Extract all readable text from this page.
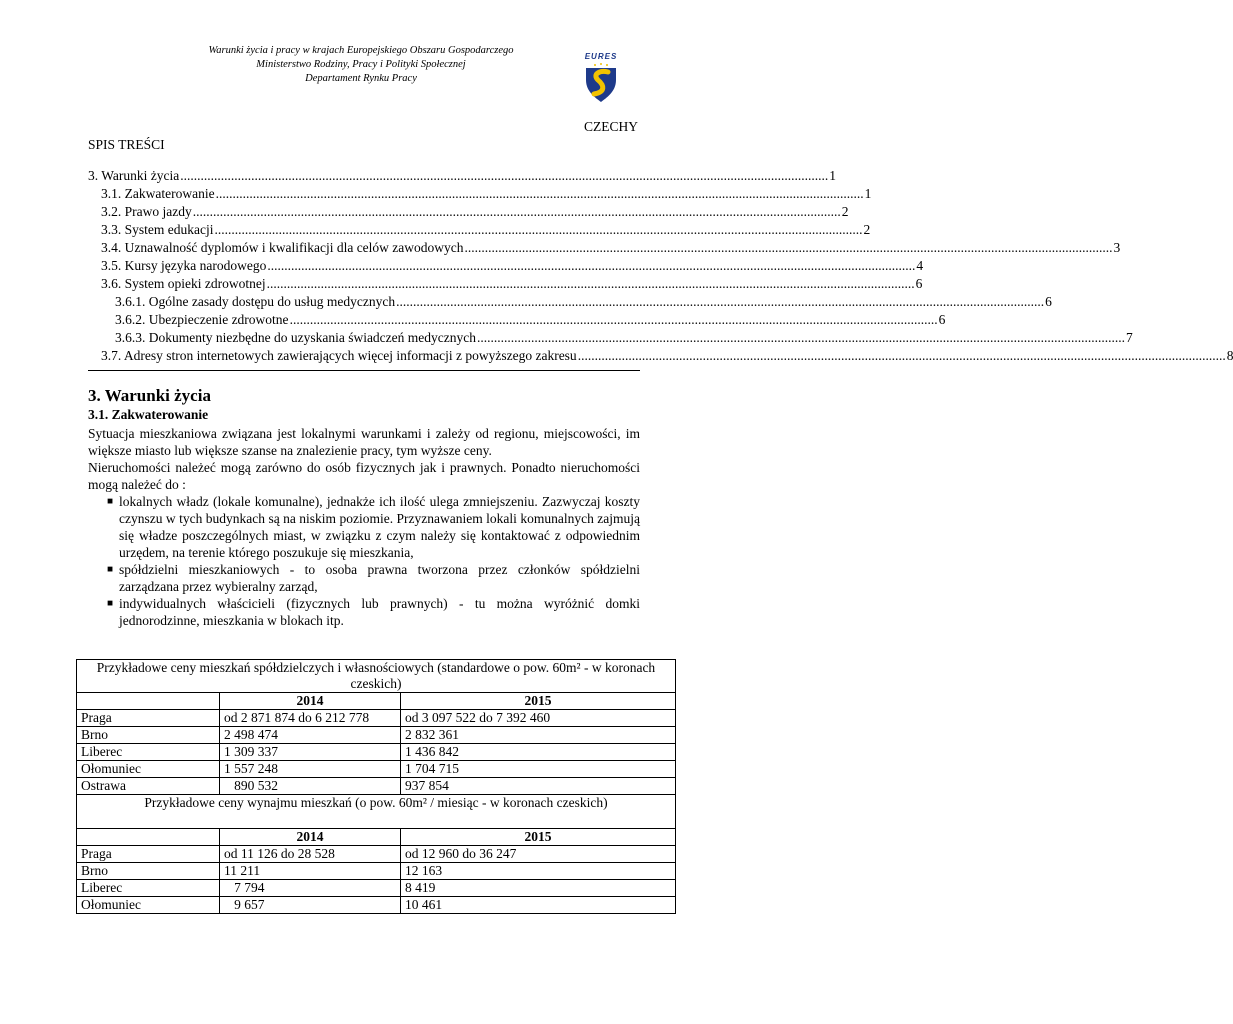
Warunki życia i pracy w krajach Europejskiego Obszaru Gospodarczego
Ministerstwo Rodziny, Pracy i Polityki Społecznej
Departament Rynku Pracy
EURES
CZECHY
SPIS TREŚCI
3. Warunki życia ................................................................................................................................................................................................ 1
3.1. Zakwaterowanie ................................................................................................................................................................................................ 1
3.2. Prawo jazdy ................................................................................................................................................................................................ 2
3.3. System edukacji ................................................................................................................................................................................................ 2
3.4. Uznawalność dyplomów i kwalifikacji dla celów zawodowych ................................................................................................................................................................................................ 3
3.5. Kursy języka narodowego ................................................................................................................................................................................................ 4
3.6. System opieki zdrowotnej ................................................................................................................................................................................................ 6
3.6.1. Ogólne zasady dostępu do usług medycznych ................................................................................................................................................................................................ 6
3.6.2. Ubezpieczenie zdrowotne ................................................................................................................................................................................................ 6
3.6.3. Dokumenty niezbędne do uzyskania świadczeń medycznych ................................................................................................................................................................................................ 7
3.7. Adresy stron internetowych zawierających więcej informacji z powyższego zakresu ................................................................................................................................................................................................ 8
3. Warunki życia
3.1. Zakwaterowanie

Sytuacja mieszkaniowa związana jest lokalnymi warunkami i zależy od regionu, miejscowości, im większe miasto lub większe szanse na znalezienie pracy, tym wyższe ceny.

Nieruchomości należeć mogą zarówno do osób fizycznych jak i prawnych. Ponadto nieruchomości mogą należeć do :

■ lokalnych władz (lokale komunalne), jednakże ich ilość ulega zmniejszeniu. Zazwyczaj koszty czynszu w tych budynkach są na niskim poziomie. Przyznawaniem lokali komunalnych zajmują się władze poszczególnych miast, w związku z czym należy się kontaktować z odpowiednim urzędem, na terenie którego poszukuje się mieszkania,
■ spółdzielni mieszkaniowych - to osoba prawna tworzona przez członków spółdzielni zarządzana przez wybieralny zarząd,
■ indywidualnych właścicieli (fizycznych lub prawnych) - tu można wyróżnić domki jednorodzinne, mieszkania w blokach itp.
Przykładowe ceny mieszkań spółdzielczych i własnościowych (standardowe o pow. 60m² - w koronach czeskich)		
	2014	2015
Praga	od 2 871 874 do 6 212 778	od 3 097 522 do 7 392 460
Brno	2 498 474	2 832 361
Liberec	1 309 337	1 436 842
Ołomuniec	1 557 248	1 704 715
Ostrawa	890 532	937 854
Przykładowe ceny wynajmu mieszkań (o pow. 60m² / miesiąc - w koronach czeskich)		
	2014	2015
Praga	od 11 126 do 28 528	od 12 960 do 36 247
Brno	11 211	12 163
Liberec	7 794	8 419
Ołomuniec	9 657	10 461
